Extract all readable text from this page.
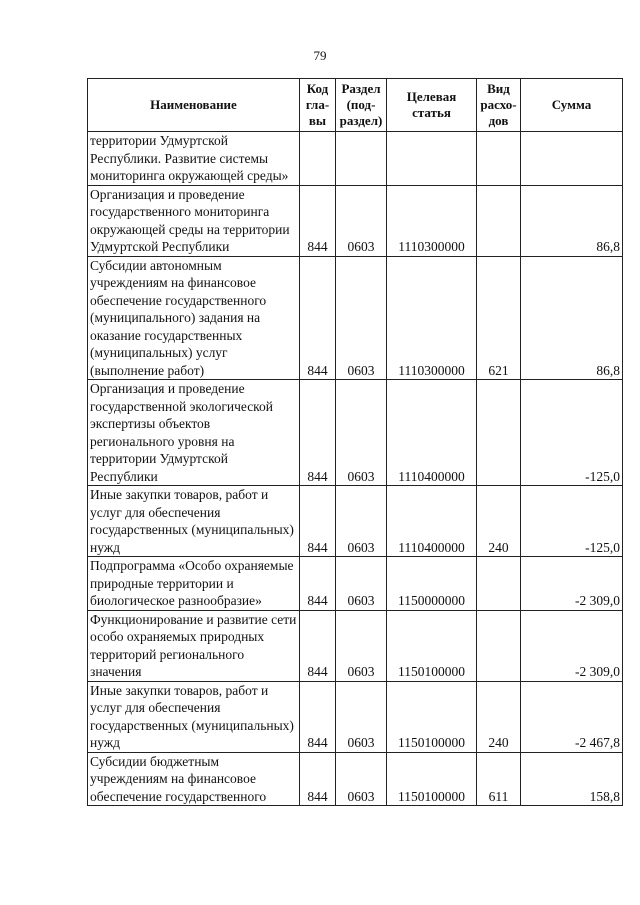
79
Наименование	Код гла- вы	Раздел (под- раздел)	Целевая статья	Вид расхо- дов	Сумма
территории Удмуртской Республики. Развитие системы мониторинга окружающей среды»					
Организация и проведение государственного мониторинга окружающей среды на территории Удмуртской Республики	844	0603	1110300000		86,8
Субсидии автономным учреждениям на финансовое обеспечение государственного (муниципального) задания на оказание государственных (муниципальных) услуг (выполнение работ)	844	0603	1110300000	621	86,8
Организация и проведение государственной экологической экспертизы объектов регионального уровня на территории Удмуртской Республики	844	0603	1110400000		-125,0
Иные закупки товаров, работ и услуг для обеспечения государственных (муниципальных) нужд	844	0603	1110400000	240	-125,0
Подпрограмма «Особо охраняемые природные территории и биологическое разнообразие»	844	0603	1150000000		-2 309,0
Функционирование и развитие сети особо охраняемых природных территорий регионального значения	844	0603	1150100000		-2 309,0
Иные закупки товаров, работ и услуг для обеспечения государственных (муниципальных) нужд	844	0603	1150100000	240	-2 467,8
Субсидии бюджетным учреждениям на финансовое обеспечение государственного	844	0603	1150100000	611	158,8
